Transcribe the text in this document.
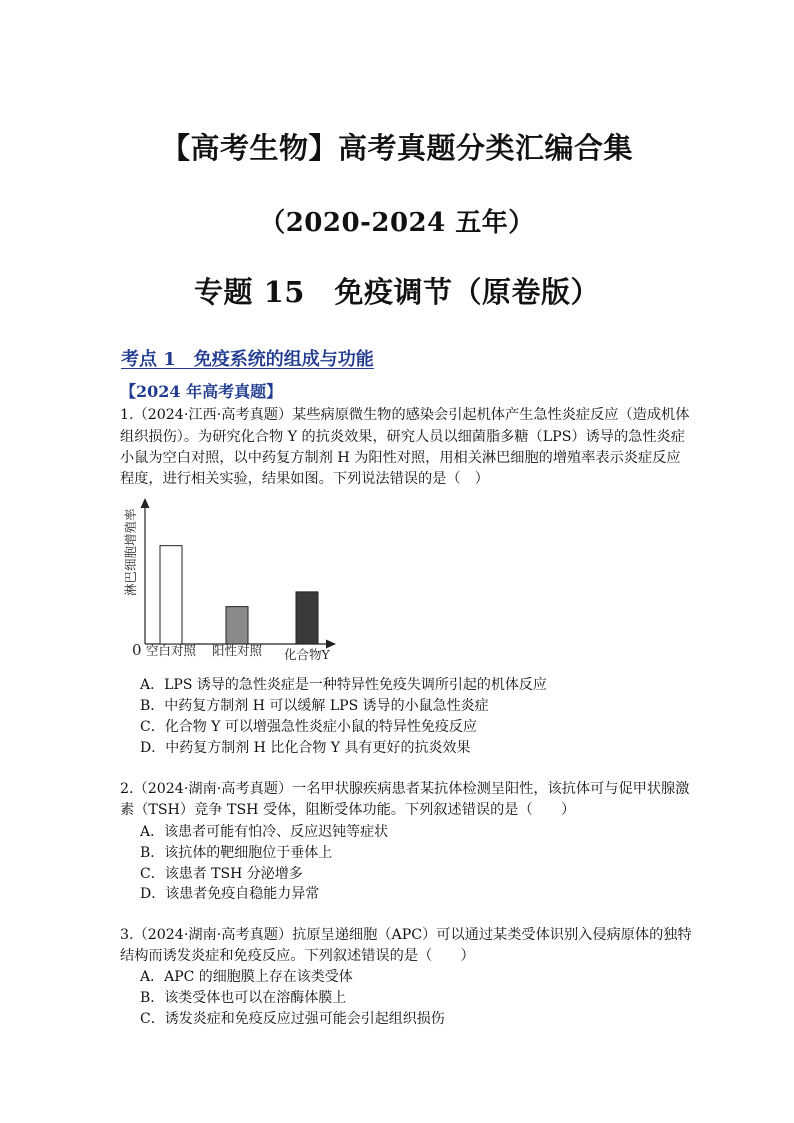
【高考生物】高考真题分类汇编合集
（2020-2024 五年）
专题 15　免疫调节（原卷版）
考点 1　免疫系统的组成与功能
【2024 年高考真题】
1.（2024·江西·高考真题）某些病原微生物的感染会引起机体产生急性炎症反应（造成机体
组织损伤）。为研究化合物 Y 的抗炎效果，研究人员以细菌脂多糖（LPS）诱导的急性炎症
小鼠为空白对照，以中药复方制剂 H 为阳性对照，用相关淋巴细胞的增殖率表示炎症反应
程度，进行相关实验，结果如图。下列说法错误的是（　）
淋巴细胞增殖率
0 空白对照 阳性对照 化合物Y
A．LPS 诱导的急性炎症是一种特异性免疫失调所引起的机体反应
B．中药复方制剂 H 可以缓解 LPS 诱导的小鼠急性炎症
C．化合物 Y 可以增强急性炎症小鼠的特异性免疫反应
D．中药复方制剂 H 比化合物 Y 具有更好的抗炎效果
2.（2024·湖南·高考真题）一名甲状腺疾病患者某抗体检测呈阳性，该抗体可与促甲状腺激
素（TSH）竞争 TSH 受体，阻断受体功能。下列叙述错误的是（　　）
A．该患者可能有怕冷、反应迟钝等症状
B．该抗体的靶细胞位于垂体上
C．该患者 TSH 分泌增多
D．该患者免疫自稳能力异常
3.（2024·湖南·高考真题）抗原呈递细胞（APC）可以通过某类受体识别入侵病原体的独特
结构而诱发炎症和免疫反应。下列叙述错误的是（　　）
A．APC 的细胞膜上存在该类受体
B．该类受体也可以在溶酶体膜上
C．诱发炎症和免疫反应过强可能会引起组织损伤
